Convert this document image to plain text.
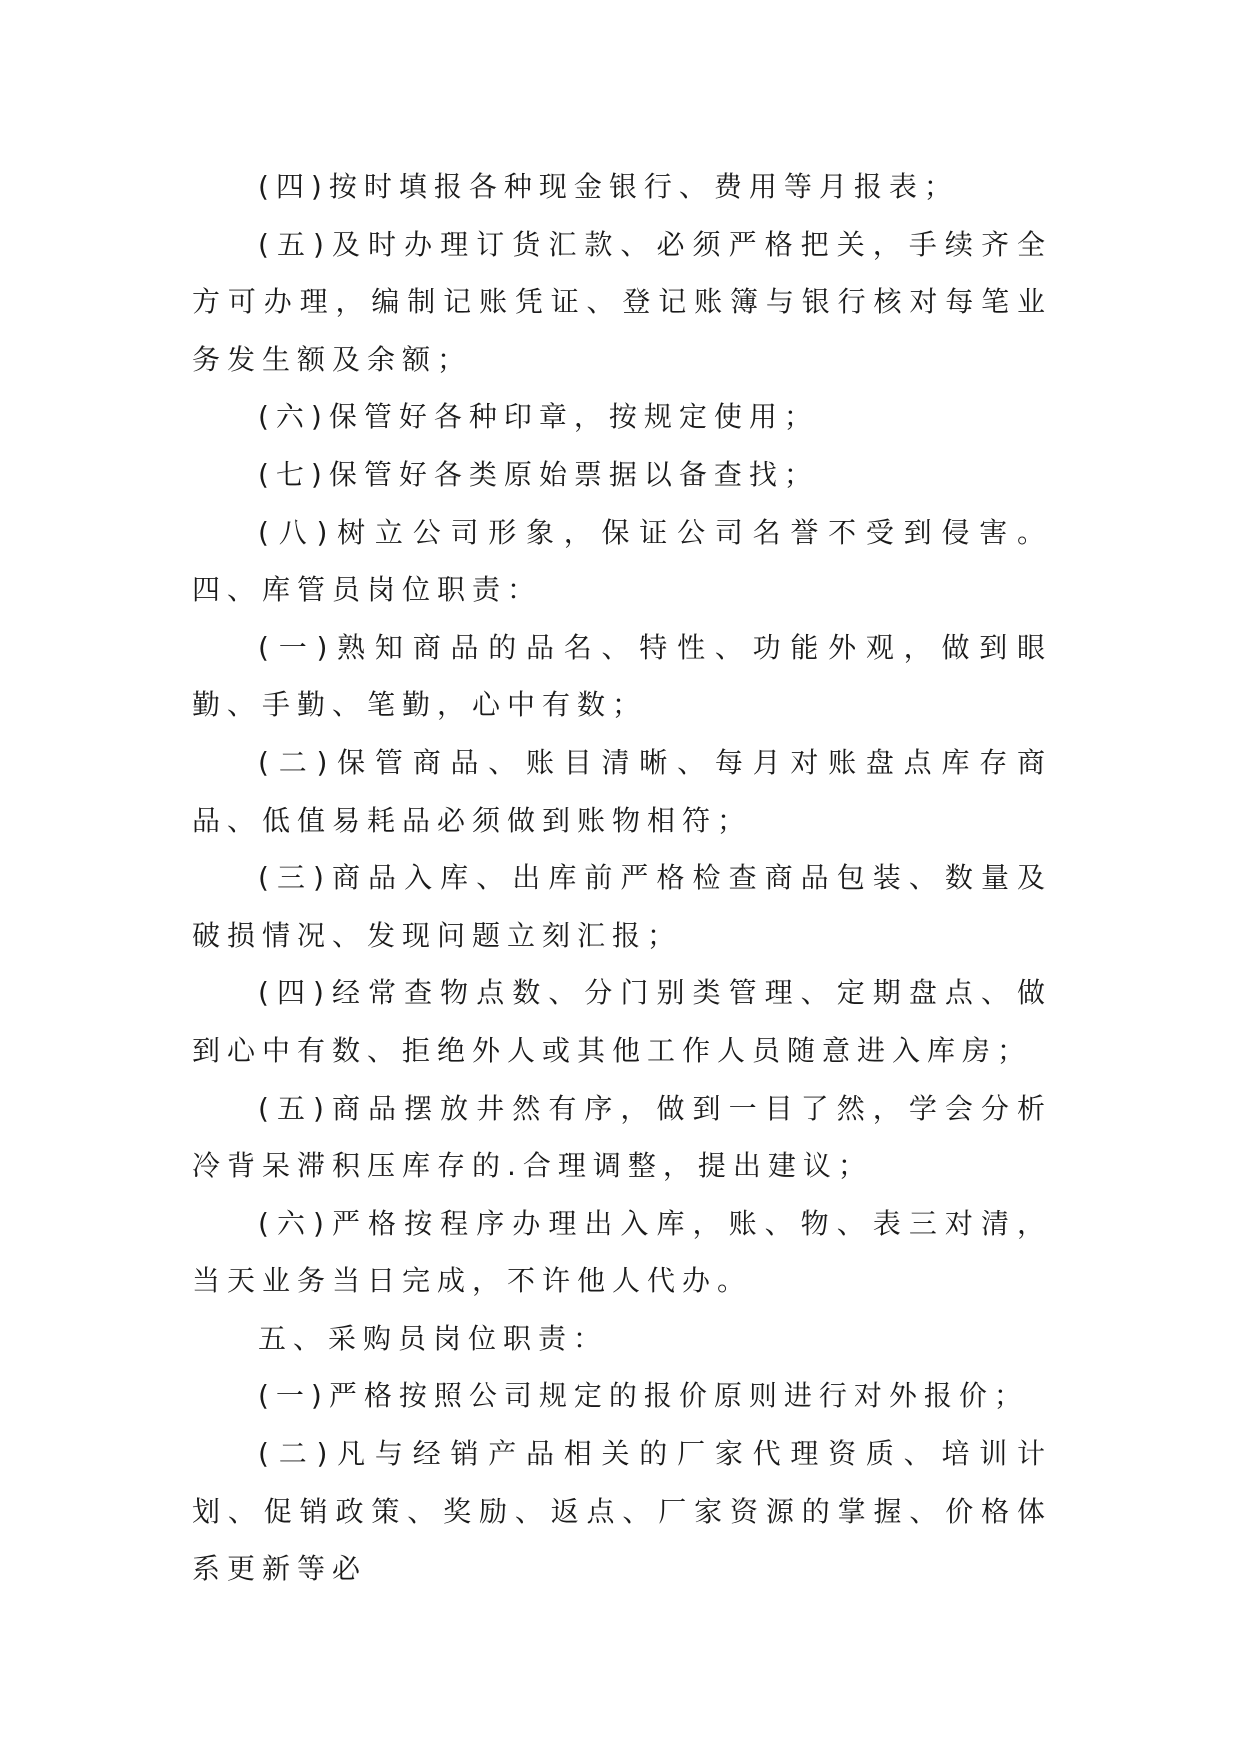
(四)按时填报各种现金银行、费用等月报表；

(五)及时办理订货汇款、必须严格把关，手续齐全方可办理，编制记账凭证、登记账簿与银行核对每笔业务发生额及余额；

(六)保管好各种印章，按规定使用；

(七)保管好各类原始票据以备查找；

(八)树立公司形象，保证公司名誉不受到侵害。 四、库管员岗位职责：

(一)熟知商品的品名、特性、功能外观，做到眼勤、手勤、笔勤，心中有数；

(二)保管商品、账目清晰、每月对账盘点库存商品、低值易耗品必须做到账物相符；

(三)商品入库、出库前严格检查商品包装、数量及破损情况、发现问题立刻汇报；

(四)经常查物点数、分门别类管理、定期盘点、做到心中有数、拒绝外人或其他工作人员随意进入库房；

(五)商品摆放井然有序，做到一目了然，学会分析冷背呆滞积压库存的.合理调整，提出建议；

(六)严格按程序办理出入库，账、物、表三对清，当天业务当日完成，不许他人代办。

五、采购员岗位职责：

(一)严格按照公司规定的报价原则进行对外报价；

(二)凡与经销产品相关的厂家代理资质、培训计划、促销政策、奖励、返点、厂家资源的掌握、价格体系更新等必
